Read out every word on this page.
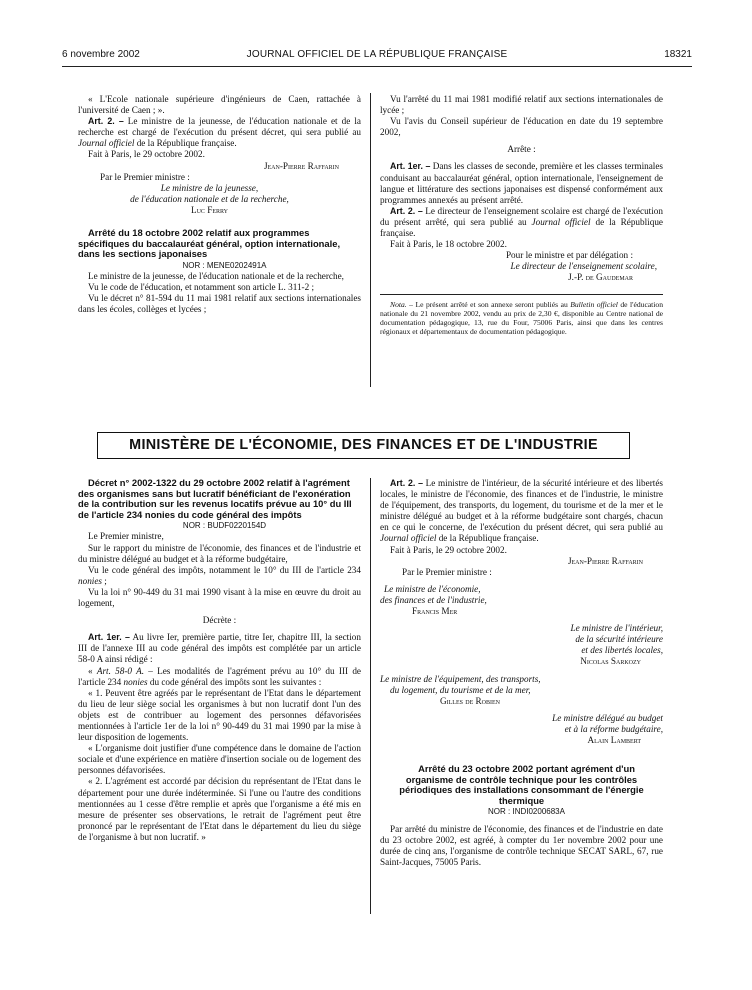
6 novembre 2002	JOURNAL OFFICIEL DE LA RÉPUBLIQUE FRANÇAISE	18321

« L'Ecole nationale supérieure d'ingénieurs de Caen, rattachée à l'université de Caen ; ».

Art. 2. – Le ministre de la jeunesse, de l'éducation nationale et de la recherche est chargé de l'exécution du présent décret, qui sera publié au Journal officiel de la République française.

Fait à Paris, le 29 octobre 2002.

Jean-Pierre Raffarin

Par le Premier ministre :

Le ministre de la jeunesse,

de l'éducation nationale et de la recherche,

Luc Ferry

Arrêté du 18 octobre 2002 relatif aux programmes spécifiques du baccalauréat général, option internationale, dans les sections japonaises

NOR : MENE0202491A

Le ministre de la jeunesse, de l'éducation nationale et de la recherche,

Vu le code de l'éducation, et notamment son article L. 311-2 ;

Vu le décret n° 81-594 du 11 mai 1981 relatif aux sections internationales dans les écoles, collèges et lycées ;

Vu l'arrêté du 11 mai 1981 modifié relatif aux sections internationales de lycée ;

Vu l'avis du Conseil supérieur de l'éducation en date du 19 septembre 2002,

Arrête :

Art. 1er. – Dans les classes de seconde, première et les classes terminales conduisant au baccalauréat général, option internationale, l'enseignement de langue et littérature des sections japonaises est dispensé conformément aux programmes annexés au présent arrêté.

Art. 2. – Le directeur de l'enseignement scolaire est chargé de l'exécution du présent arrêté, qui sera publié au Journal officiel de la République française.

Fait à Paris, le 18 octobre 2002.

Pour le ministre et par délégation :

Le directeur de l'enseignement scolaire,

J.-P. de Gaudemar

Nota. – Le présent arrêté et son annexe seront publiés au Bulletin officiel de l'éducation nationale du 21 novembre 2002, vendu au prix de 2,30 €, disponible au Centre national de documentation pédagogique, 13, rue du Four, 75006 Paris, ainsi que dans les centres régionaux et départementaux de documentation pédagogique.

MINISTÈRE DE L'ÉCONOMIE, DES FINANCES ET DE L'INDUSTRIE

Décret n° 2002-1322 du 29 octobre 2002 relatif à l'agrément des organismes sans but lucratif bénéficiant de l'exonération de la contribution sur les revenus locatifs prévue au 10° du III de l'article 234 nonies du code général des impôts

NOR : BUDF0220154D

Le Premier ministre,

Sur le rapport du ministre de l'économie, des finances et de l'industrie et du ministre délégué au budget et à la réforme budgétaire,

Vu le code général des impôts, notamment le 10° du III de l'article 234 nonies ;

Vu la loi n° 90-449 du 31 mai 1990 visant à la mise en œuvre du droit au logement,

Décrète :

Art. 1er. – Au livre Ier, première partie, titre Ier, chapitre III, la section III de l'annexe III au code général des impôts est complétée par un article 58-0 A ainsi rédigé :

« Art. 58-0 A. – Les modalités de l'agrément prévu au 10° du III de l'article 234 nonies du code général des impôts sont les suivantes :

« 1. Peuvent être agréés par le représentant de l'Etat dans le département du lieu de leur siège social les organismes à but non lucratif dont l'un des objets est de contribuer au logement des personnes défavorisées mentionnées à l'article 1er de la loi n° 90-449 du 31 mai 1990 par la mise à leur disposition de logements.

« L'organisme doit justifier d'une compétence dans le domaine de l'action sociale et d'une expérience en matière d'insertion sociale ou de logement des personnes défavorisées.

« 2. L'agrément est accordé par décision du représentant de l'Etat dans le département pour une durée indéterminée. Si l'une ou l'autre des conditions mentionnées au 1 cesse d'être remplie et après que l'organisme a été mis en mesure de présenter ses observations, le retrait de l'agrément peut être prononcé par le représentant de l'Etat dans le département du lieu du siège de l'organisme à but non lucratif. »

Art. 2. – Le ministre de l'intérieur, de la sécurité intérieure et des libertés locales, le ministre de l'économie, des finances et de l'industrie, le ministre de l'équipement, des transports, du logement, du tourisme et de la mer et le ministre délégué au budget et à la réforme budgétaire sont chargés, chacun en ce qui le concerne, de l'exécution du présent décret, qui sera publié au Journal officiel de la République française.

Fait à Paris, le 29 octobre 2002.

Jean-Pierre Raffarin

Par le Premier ministre :

Le ministre de l'économie,

des finances et de l'industrie,

Francis Mer

Le ministre de l'intérieur,

de la sécurité intérieure

et des libertés locales,

Nicolas Sarkozy

Le ministre de l'équipement, des transports,

du logement, du tourisme et de la mer,

Gilles de Robien

Le ministre délégué au budget

et à la réforme budgétaire,

Alain Lambert

Arrêté du 23 octobre 2002 portant agrément d'un organisme de contrôle technique pour les contrôles périodiques des installations consommant de l'énergie thermique

NOR : INDI0200683A

Par arrêté du ministre de l'économie, des finances et de l'industrie en date du 23 octobre 2002, est agréé, à compter du 1er novembre 2002 pour une durée de cinq ans, l'organisme de contrôle technique SECAT SARL, 67, rue Saint-Jacques, 75005 Paris.
